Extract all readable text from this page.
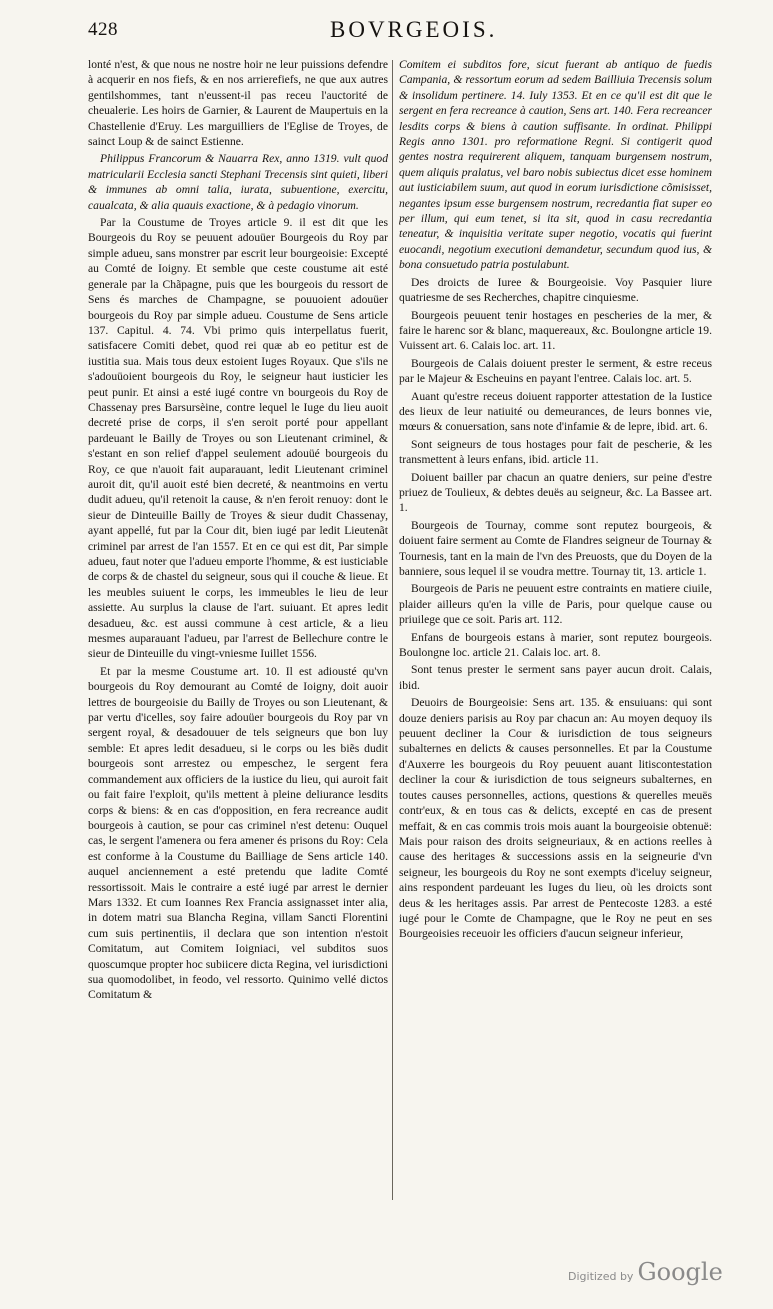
428	BOVRGEOIS.

lonté n'est, & que nous ne nostre hoir ne leur puissions defendre à acquerir en nos fiefs, & en nos arrierefiefs, ne que aux autres gentilshommes, tant n'eussent-il pas receu l'auctorité de cheualerie. Les hoirs de Garnier, & Laurent de Maupertuis en la Chastellenie d'Eruy. Les marguilliers de l'Eglise de Troyes, de sainct Loup & de sainct Estienne.

Philippus Francorum & Nauarra Rex, anno 1319. vult quod matricularii Ecclesia sancti Stephani Trecensis sint quieti, liberi & immunes ab omni talia, iurata, subuentione, exercitu, caualcata, & alia quauis exactione, & à pedagio vinorum.

Par la Coustume de Troyes article 9. il est dit que les Bourgeois du Roy se peuuent adouüer Bourgeois du Roy par simple adueu, sans monstrer par escrit leur bourgeoisie: Excepté au Comté de Ioigny. Et semble que ceste coustume ait esté generale par la Chãpagne, puis que les bourgeois du ressort de Sens és marches de Champagne, se pouuoient adouüer bourgeois du Roy par simple adueu. Coustume de Sens article 137. Capitul. 4. 74. Vbi primo quis interpellatus fuerit, satisfacere Comiti debet, quod rei quæ ab eo petitur est de iustitia sua. Mais tous deux estoient Iuges Royaux. Que s'ils ne s'adouüoient bourgeois du Roy, le seigneur haut iusticier les peut punir. Et ainsi a esté iugé contre vn bourgeois du Roy de Chassenay pres Barsursèine, contre lequel le Iuge du lieu auoit decreté prise de corps, il s'en seroit porté pour appellant pardeuant le Bailly de Troyes ou son Lieutenant criminel, & s'estant en son relief d'appel seulement adouüé bourgeois du Roy, ce que n'auoit fait auparauant, ledit Lieutenant criminel auroit dit, qu'il auoit esté bien decreté, & neantmoins en vertu dudit adueu, qu'il retenoit la cause, & n'en feroit renuoy: dont le sieur de Dinteuille Bailly de Troyes & sieur dudit Chassenay, ayant appellé, fut par la Cour dit, bien iugé par ledit Lieutenãt criminel par arrest de l'an 1557. Et en ce qui est dit, Par simple adueu, faut noter que l'adueu emporte l'homme, & est iusticiable de corps & de chastel du seigneur, sous qui il couche & lieue. Et les meubles suiuent le corps, les immeubles le lieu de leur assiette. Au surplus la clause de l'art. suiuant. Et apres ledit desadueu, &c. est aussi commune à cest article, & a lieu mesmes auparauant l'adueu, par l'arrest de Bellechure contre le sieur de Dinteuille du vingt-vniesme Iuillet 1556.

Et par la mesme Coustume art. 10. Il est adiousté qu'vn bourgeois du Roy demourant au Comté de Ioigny, doit auoir lettres de bourgeoisie du Bailly de Troyes ou son Lieutenant, & par vertu d'icelles, soy faire adouüer bourgeois du Roy par vn sergent royal, & desadouuer de tels seigneurs que bon luy semble: Et apres ledit desadueu, si le corps ou les biẽs dudit bourgeois sont arrestez ou empeschez, le sergent fera commandement aux officiers de la iustice du lieu, qui auroit fait ou fait faire l'exploit, qu'ils mettent à pleine deliurance lesdits corps & biens: & en cas d'opposition, en fera recreance audit bourgeois à caution, se pour cas criminel n'est detenu: Ouquel cas, le sergent l'amenera ou fera amener és prisons du Roy: Cela est conforme à la Coustume du Bailliage de Sens article 140. auquel anciennement a esté pretendu que ladite Comté ressortissoit. Mais le contraire a esté iugé par arrest le dernier Mars 1332. Et cum Ioannes Rex Francia assignasset inter alia, in dotem matri sua Blancha Regina, villam Sancti Florentini cum suis pertinentiis, il declara que son intention n'estoit Comitatum, aut Comitem Ioigniaci, vel subditos suos quoscumque propter hoc subiicere dicta Regina, vel iurisdictioni sua quomodolibet, in feodo, vel ressorto. Quinimo vellé dictos Comitatum &

Comitem ei subditos fore, sicut fuerant ab antiquo de fuedis Campania, & ressortum eorum ad sedem Bailliuia Trecensis solum & insolidum pertinere. 14. Iuly 1353. Et en ce qu'il est dit que le sergent en fera recreance à caution, Sens art. 140. Fera recreancer lesdits corps & biens à caution suffisante. In ordinat. Philippi Regis anno 1301. pro reformatione Regni. Si contigerit quod gentes nostra requirerent aliquem, tanquam burgensem nostrum, quem aliquis pralatus, vel baro nobis subiectus dicet esse hominem aut iusticiabilem suum, aut quod in eorum iurisdictione cõmisisset, negantes ipsum esse burgensem nostrum, recredantia fiat super eo per illum, qui eum tenet, si ita sit, quod in casu recredantia teneatur, & inquisitia veritate super negotio, vocatis qui fuerint euocandi, negotium executioni demandetur, secundum quod ius, & bona consuetudo patria postulabunt.

Des droicts de Iuree & Bourgeoisie. Voy Pasquier liure quatriesme de ses Recherches, chapitre cinquiesme.

Bourgeois peuuent tenir hostages en pescheries de la mer, & faire le harenc sor & blanc, maquereaux, &c. Boulongne article 19. Vuissent art. 6. Calais loc. art. 11.

Bourgeois de Calais doiuent prester le serment, & estre receus par le Majeur & Escheuins en payant l'entree. Calais loc. art. 5.

Auant qu'estre receus doiuent rapporter attestation de la Iustice des lieux de leur natiuité ou demeurances, de leurs bonnes vie, mœurs & conuersation, sans note d'infamie & de lepre, ibid. art. 6.

Sont seigneurs de tous hostages pour fait de pescherie, & les transmettent à leurs enfans, ibid. article 11.

Doiuent bailler par chacun an quatre deniers, sur peine d'estre priuez de Toulieux, & debtes deuës au seigneur, &c. La Bassee art. 1.

Bourgeois de Tournay, comme sont reputez bourgeois, & doiuent faire serment au Comte de Flandres seigneur de Tournay & Tournesis, tant en la main de l'vn des Preuosts, que du Doyen de la banniere, sous lequel il se voudra mettre. Tournay tit, 13. article 1.

Bourgeois de Paris ne peuuent estre contraints en matiere ciuile, plaider ailleurs qu'en la ville de Paris, pour quelque cause ou priuilege que ce soit. Paris art. 112.

Enfans de bourgeois estans à marier, sont reputez bourgeois. Boulongne loc. article 21. Calais loc. art. 8.

Sont tenus prester le serment sans payer aucun droit. Calais, ibid.

Deuoirs de Bourgeoisie: Sens art. 135. & ensuiuans: qui sont douze deniers parisis au Roy par chacun an: Au moyen dequoy ils peuuent decliner la Cour & iurisdiction de tous seigneurs subalternes en delicts & causes personnelles. Et par la Coustume d'Auxerre les bourgeois du Roy peuuent auant litiscontestation decliner la cour & iurisdiction de tous seigneurs subalternes, en toutes causes personnelles, actions, questions & querelles meuës contr'eux, & en tous cas & delicts, excepté en cas de present meffait, & en cas commis trois mois auant la bourgeoisie obtenuë: Mais pour raison des droits seigneuriaux, & en actions reelles à cause des heritages & successions assis en la seigneurie d'vn seigneur, les bourgeois du Roy ne sont exempts d'iceluy seigneur, ains respondent pardeuant les Iuges du lieu, où les droicts sont deus & les heritages assis. Par arrest de Pentecoste 1283. a esté iugé pour le Comte de Champagne, que le Roy ne peut en ses Bourgeoisies receuoir les officiers d'aucun seigneur inferieur,

Digitized by Google
